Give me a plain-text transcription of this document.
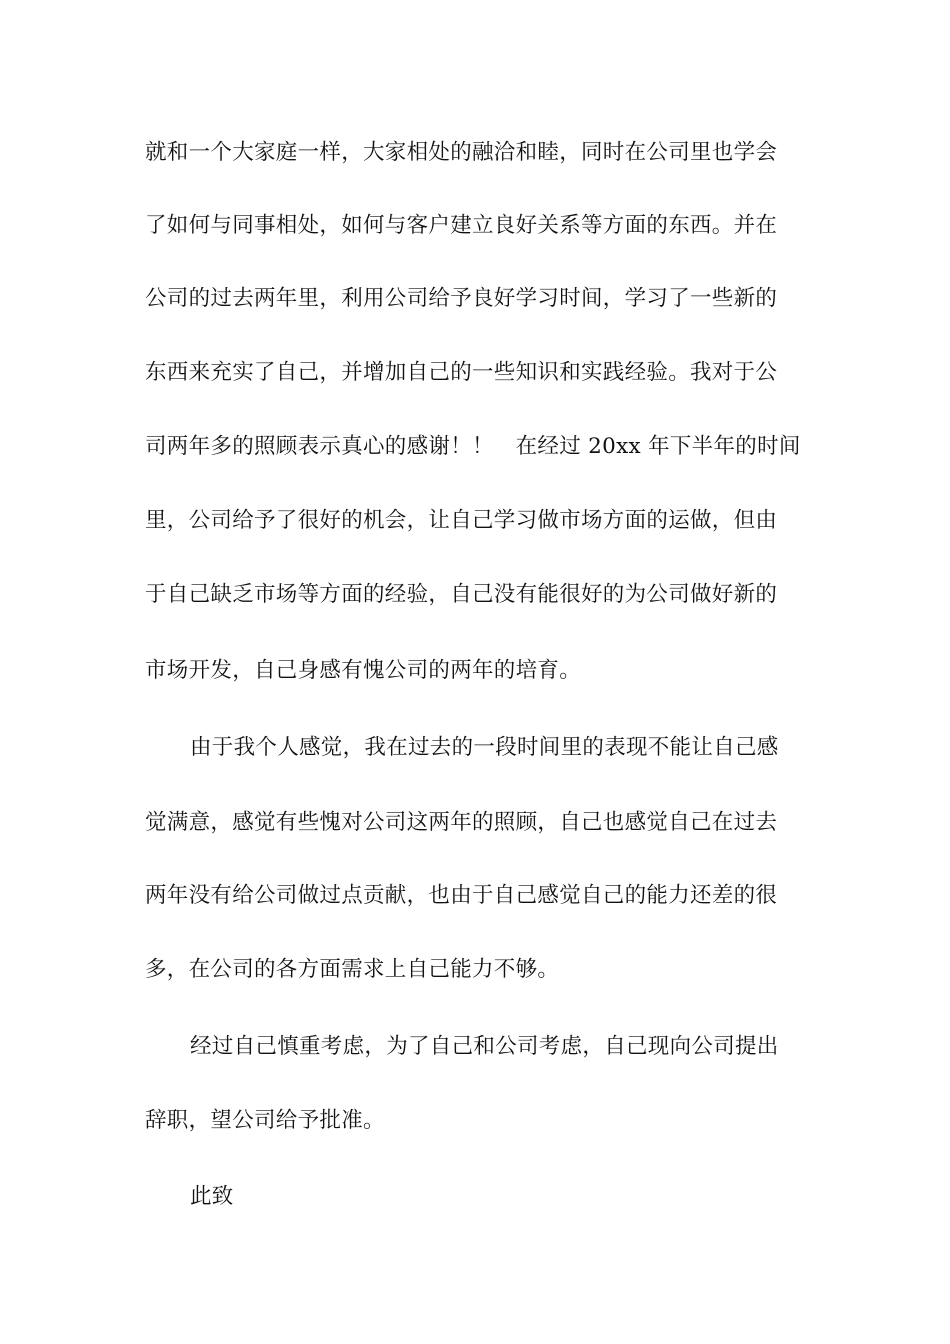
就和一个大家庭一样，大家相处的融洽和睦，同时在公司里也学会
了如何与同事相处，如何与客户建立良好关系等方面的东西。并在
公司的过去两年里，利用公司给予良好学习时间，学习了一些新的
东西来充实了自己，并增加自己的一些知识和实践经验。我对于公
司两年多的照顾表示真心的感谢！！　在经过 20xx 年下半年的时间
里，公司给予了很好的机会，让自己学习做市场方面的运做，但由
于自己缺乏市场等方面的经验，自己没有能很好的为公司做好新的
市场开发，自己身感有愧公司的两年的培育。
由于我个人感觉，我在过去的一段时间里的表现不能让自己感
觉满意，感觉有些愧对公司这两年的照顾，自己也感觉自己在过去
两年没有给公司做过点贡献，也由于自己感觉自己的能力还差的很
多，在公司的各方面需求上自己能力不够。
经过自己慎重考虑，为了自己和公司考虑，自己现向公司提出
辞职，望公司给予批准。
此致
